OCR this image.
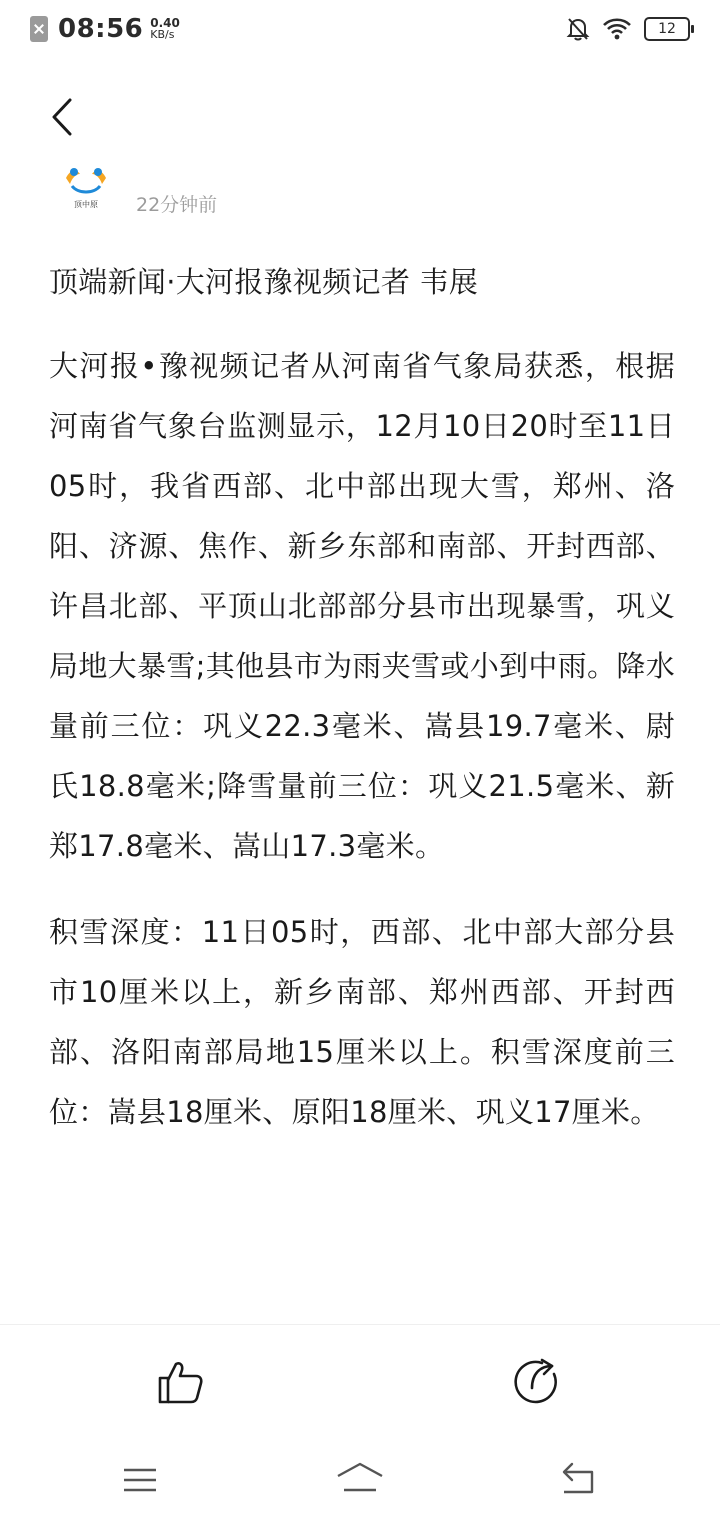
08:56 0.40
KB/s	12
顶中原 22分钟前

顶端新闻·大河报豫视频记者 韦展

大河报•豫视频记者从河南省气象局获悉，根据河南省气象台监测显示，12月10日20时至11日05时，我省西部、北中部出现大雪，郑州、洛阳、济源、焦作、新乡东部和南部、开封西部、许昌北部、平顶山北部部分县市出现暴雪，巩义局地大暴雪;其他县市为雨夹雪或小到中雨。降水量前三位：巩义22.3毫米、嵩县19.7毫米、尉氏18.8毫米;降雪量前三位：巩义21.5毫米、新郑17.8毫米、嵩山17.3毫米。

积雪深度：11日05时，西部、北中部大部分县市10厘米以上，新乡南部、郑州西部、开封西部、洛阳南部局地15厘米以上。积雪深度前三位：嵩县18厘米、原阳18厘米、巩义17厘米。
